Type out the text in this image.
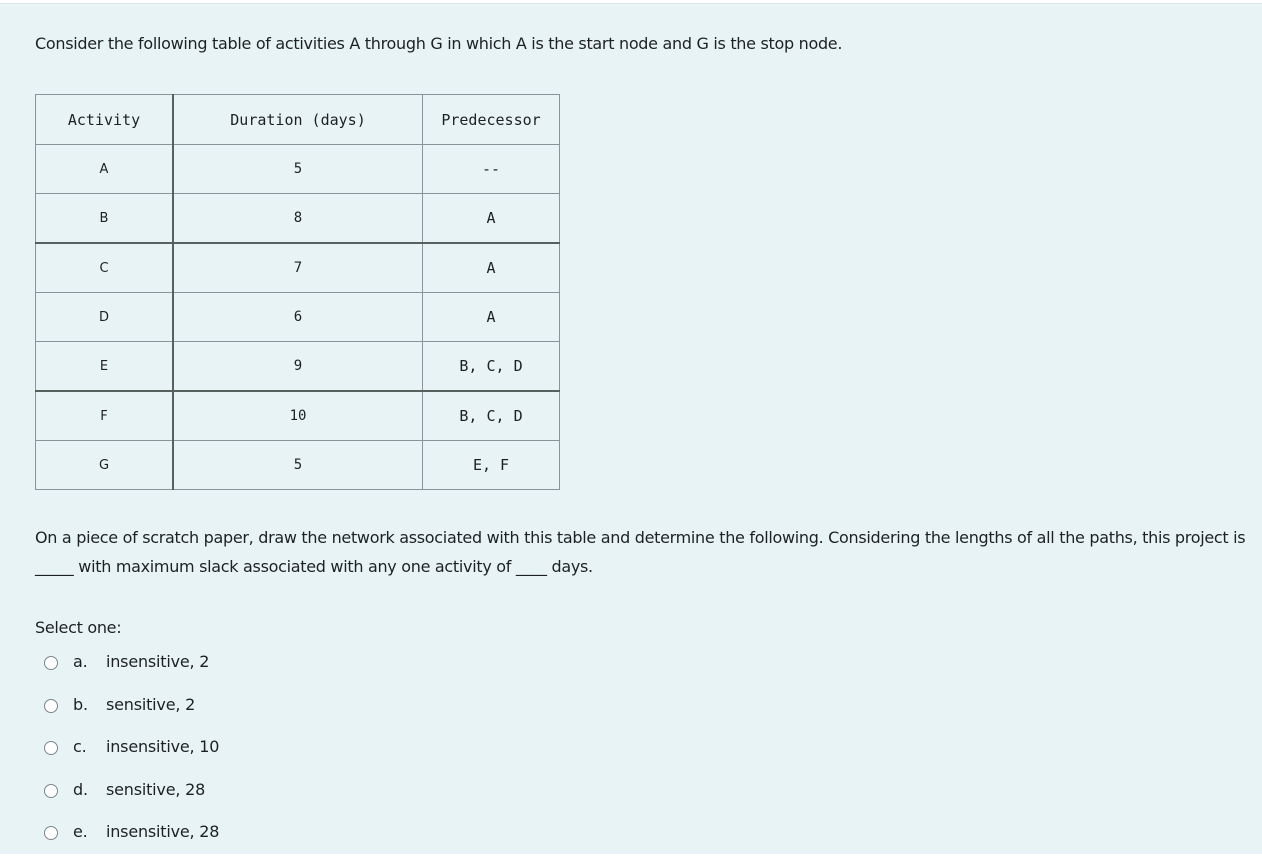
Consider the following table of activities A through G in which A is the start node and G is the stop node.
Activity	Duration (days)	Predecessor
A	5	--
B	8	A
C	7	A
D	6	A
E	9	B, C, D
F	10	B, C, D
G	5	E, F
On a piece of scratch paper, draw the network associated with this table and determine the following. Considering the lengths of all the paths, this project is _____ with maximum slack associated with any one activity of ____ days.
Select one:
a.	insensitive, 2
b.	sensitive, 2
c.	insensitive, 10
d.	sensitive, 28
e.	insensitive, 28
